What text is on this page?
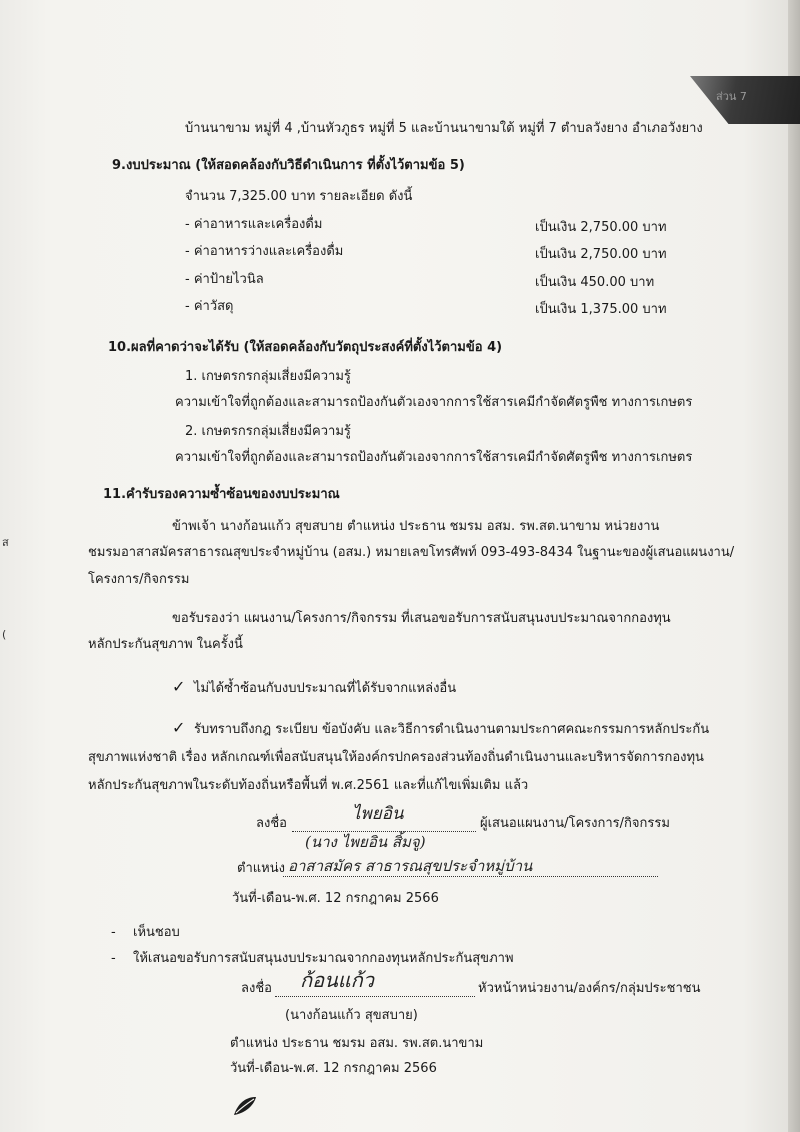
ส่วน 7
ส
(
บ้านนาขาม หมู่ที่ 4 ,บ้านหัวภูธร หมู่ที่ 5 และบ้านนาขามใต้ หมู่ที่ 7 ตำบลวังยาง อำเภอวังยาง
9.งบประมาณ (ให้สอดคล้องกับวิธีดำเนินการ ที่ตั้งไว้ตามข้อ 5)
จำนวน 7,325.00 บาท รายละเอียด ดังนี้
- ค่าอาหารและเครื่องดื่ม	เป็นเงิน 2,750.00 บาท
- ค่าอาหารว่างและเครื่องดื่ม	เป็นเงิน 2,750.00 บาท
- ค่าป้ายไวนิล	เป็นเงิน 450.00 บาท
- ค่าวัสดุ	เป็นเงิน 1,375.00 บาท
10.ผลที่คาดว่าจะได้รับ (ให้สอดคล้องกับวัตถุประสงค์ที่ตั้งไว้ตามข้อ 4)
1. เกษตรกรกลุ่มเสี่ยงมีความรู้
ความเข้าใจที่ถูกต้องและสามารถป้องกันตัวเองจากการใช้สารเคมีกำจัดศัตรูพืช ทางการเกษตร
2. เกษตรกรกลุ่มเสี่ยงมีความรู้
ความเข้าใจที่ถูกต้องและสามารถป้องกันตัวเองจากการใช้สารเคมีกำจัดศัตรูพืช ทางการเกษตร
11.คำรับรองความซ้ำซ้อนของงบประมาณ
ข้าพเจ้า นางก้อนแก้ว สุขสบาย ตำแหน่ง ประธาน ชมรม อสม. รพ.สต.นาขาม หน่วยงาน
ชมรมอาสาสมัครสาธารณสุขประจำหมู่บ้าน (อสม.) หมายเลขโทรศัพท์ 093-493-8434 ในฐานะของผู้เสนอแผนงาน/
โครงการ/กิจกรรม
ขอรับรองว่า แผนงาน/โครงการ/กิจกรรม ที่เสนอขอรับการสนับสนุนงบประมาณจากกองทุน
หลักประกันสุขภาพ ในครั้งนี้
✓ ไม่ได้ซ้ำซ้อนกับงบประมาณที่ได้รับจากแหล่งอื่น
✓ รับทราบถึงกฎ ระเบียบ ข้อบังคับ และวิธีการดำเนินงานตามประกาศคณะกรรมการหลักประกัน
สุขภาพแห่งชาติ เรื่อง หลักเกณฑ์เพื่อสนับสนุนให้องค์กรปกครองส่วนท้องถิ่นดำเนินงานและบริหารจัดการกองทุน
หลักประกันสุขภาพในระดับท้องถิ่นหรือพื้นที่ พ.ศ.2561 และที่แก้ไขเพิ่มเติม แล้ว
ลงชื่อ	ไพยอิน	ผู้เสนอแผนงาน/โครงการ/กิจกรรม
(นาง ไพยอิน สิ้มจู)
ตำแหน่ง อาสาสมัคร สาธารณสุขประจำหมู่บ้าน
วันที่-เดือน-พ.ศ. 12 กรกฎาคม 2566
- เห็นชอบ
- ให้เสนอขอรับการสนับสนุนงบประมาณจากกองทุนหลักประกันสุขภาพ
ลงชื่อ ก้อนแก้ว	หัวหน้าหน่วยงาน/องค์กร/กลุ่มประชาชน
(นางก้อนแก้ว สุขสบาย)
ตำแหน่ง ประธาน ชมรม อสม. รพ.สต.นาขาม
วันที่-เดือน-พ.ศ. 12 กรกฎาคม 2566
